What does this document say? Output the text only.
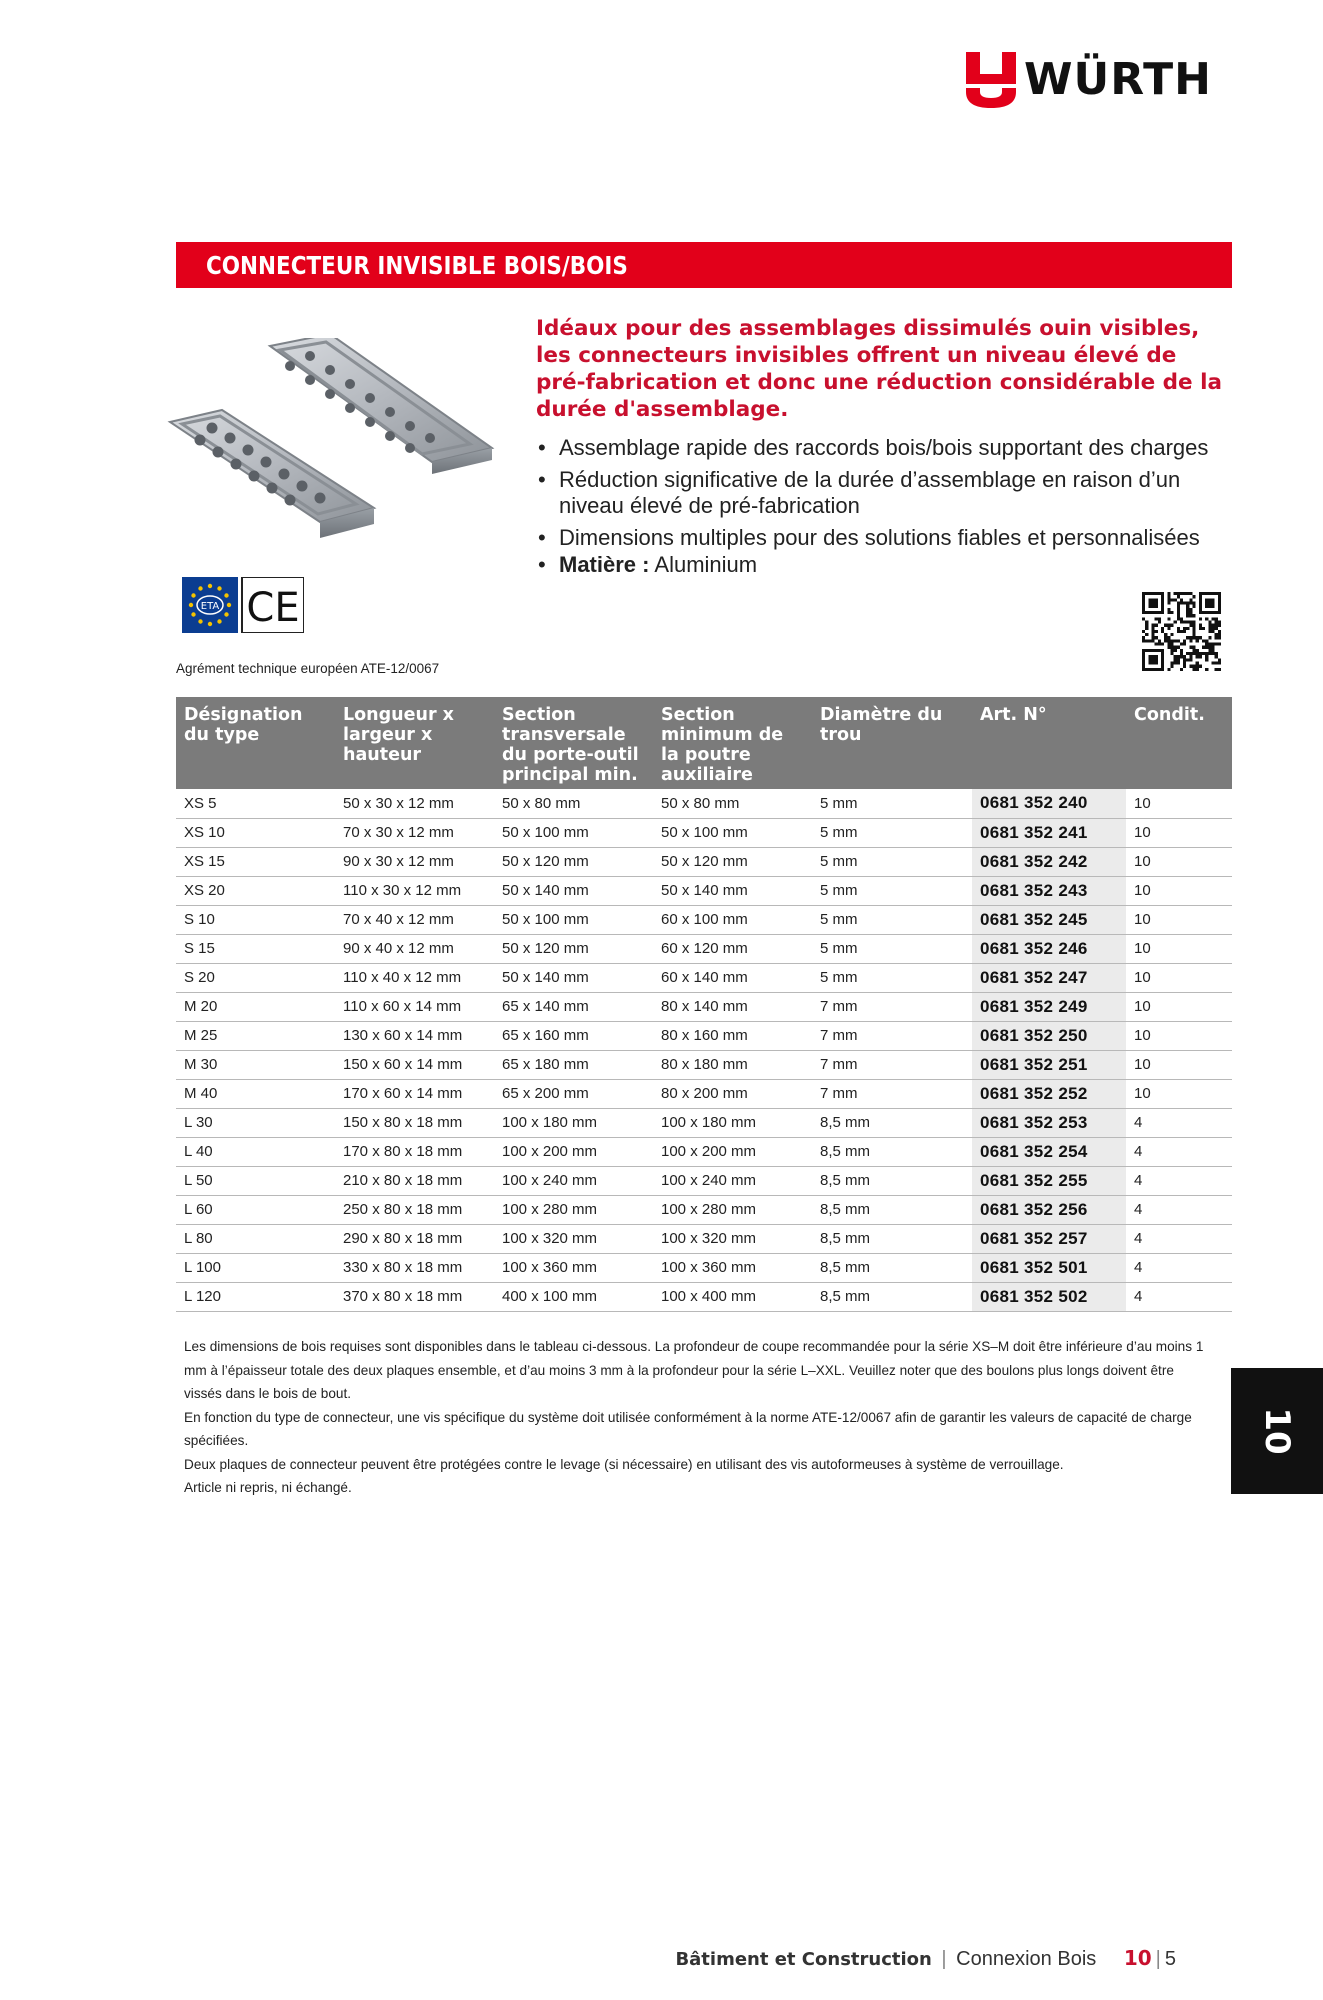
WÜRTH
CONNECTEUR INVISIBLE BOIS/BOIS
Idéaux pour des assemblages dissimulés ouin visibles, les connecteurs invisibles offrent un niveau élevé de pré-fabrication et donc une réduction considérable de la durée d'assemblage.
• Assemblage rapide des raccords bois/bois supportant des charges
• Réduction significative de la durée d’assemblage en raison d’un niveau élevé de pré-fabrication
• Dimensions multiples pour des solutions fiables et personnalisées
• Matière : Aluminium
ETA CE
Agrément technique européen ATE-12/0067
Désignation du type	Longueur x largeur x hauteur	Section transversale du porte-outil principal min.	Section minimum de la poutre auxiliaire	Diamètre du trou	Art. N°	Condit.
XS 5	50 x 30 x 12 mm	50 x 80 mm	50 x 80 mm	5 mm	0681 352 240	10
XS 10	70 x 30 x 12 mm	50 x 100 mm	50 x 100 mm	5 mm	0681 352 241	10
XS 15	90 x 30 x 12 mm	50 x 120 mm	50 x 120 mm	5 mm	0681 352 242	10
XS 20	110 x 30 x 12 mm	50 x 140 mm	50 x 140 mm	5 mm	0681 352 243	10
S 10	70 x 40 x 12 mm	50 x 100 mm	60 x 100 mm	5 mm	0681 352 245	10
S 15	90 x 40 x 12 mm	50 x 120 mm	60 x 120 mm	5 mm	0681 352 246	10
S 20	110 x 40 x 12 mm	50 x 140 mm	60 x 140 mm	5 mm	0681 352 247	10
M 20	110 x 60 x 14 mm	65 x 140 mm	80 x 140 mm	7 mm	0681 352 249	10
M 25	130 x 60 x 14 mm	65 x 160 mm	80 x 160 mm	7 mm	0681 352 250	10
M 30	150 x 60 x 14 mm	65 x 180 mm	80 x 180 mm	7 mm	0681 352 251	10
M 40	170 x 60 x 14 mm	65 x 200 mm	80 x 200 mm	7 mm	0681 352 252	10
L 30	150 x 80 x 18 mm	100 x 180 mm	100 x 180 mm	8,5 mm	0681 352 253	4
L 40	170 x 80 x 18 mm	100 x 200 mm	100 x 200 mm	8,5 mm	0681 352 254	4
L 50	210 x 80 x 18 mm	100 x 240 mm	100 x 240 mm	8,5 mm	0681 352 255	4
L 60	250 x 80 x 18 mm	100 x 280 mm	100 x 280 mm	8,5 mm	0681 352 256	4
L 80	290 x 80 x 18 mm	100 x 320 mm	100 x 320 mm	8,5 mm	0681 352 257	4
L 100	330 x 80 x 18 mm	100 x 360 mm	100 x 360 mm	8,5 mm	0681 352 501	4
L 120	370 x 80 x 18 mm	400 x 100 mm	100 x 400 mm	8,5 mm	0681 352 502	4

Les dimensions de bois requises sont disponibles dans le tableau ci-dessous. La profondeur de coupe recommandée pour la série XS–M doit être inférieure d’au moins 1 mm à l’épaisseur totale des deux plaques ensemble, et d’au moins 3 mm à la profondeur pour la série L–XXL. Veuillez noter que des boulons plus longs doivent être vissés dans le bois de bout.

En fonction du type de connecteur, une vis spécifique du système doit utilisée conformément à la norme ATE-12/0067 afin de garantir les valeurs de capacité de charge spécifiées.

Deux plaques de connecteur peuvent être protégées contre le levage (si nécessaire) en utilisant des vis autoformeuses à système de verrouillage.

Article ni repris, ni échangé.

10
Bâtiment et Construction | Connexion Bois 10 | 5
